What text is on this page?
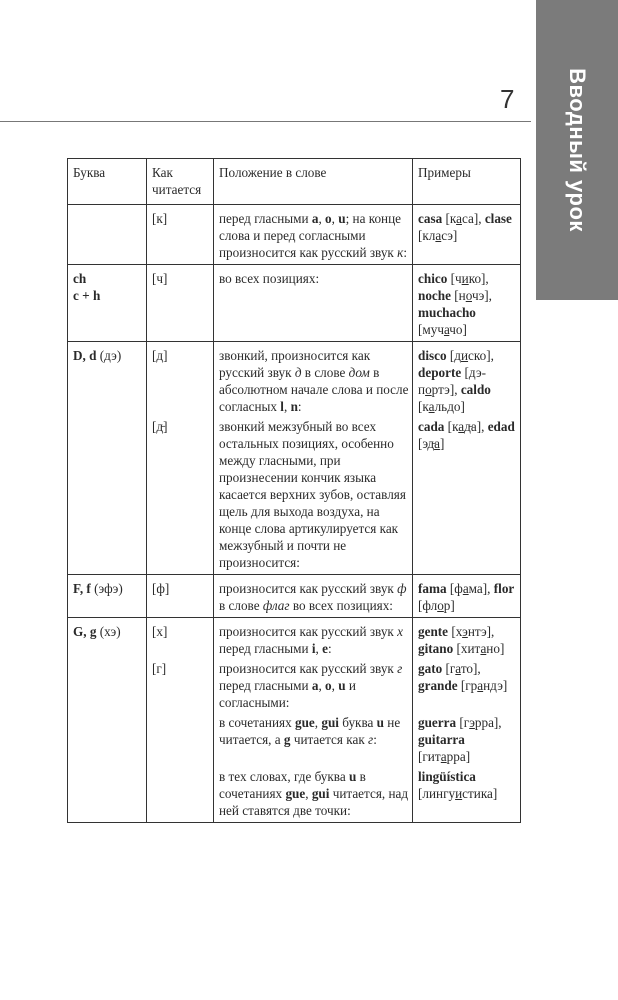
Вводный урок
7
Буква	Как читается	Положение в слове	Примеры
	[к]	перед гласными a, o, u; на конце слова и перед согласными произносится как русский звук к:	casa [каса], clase [класэ]
ch
c + h	[ч]	во всех позициях:	chico [чико], noche [ночэ], muchacho [мучачо]
D, d (дэ)	[д]	звонкий, произносится как русский звук д в слове дом в абсолютном начале слова и после согласных l, n:	disco [диско], deporte [дэ-портэ], caldo [кальдо]
	[д̵]	звонкий межзубный во всех остальных позициях, особенно между гласными, при произнесении кончик языка касается верхних зубов, оставляя щель для выхода воздуха, на конце слова артикулируется как межзубный и почти не произносится:	cada [кад̵а], edad [эд̵а]
F, f (эфэ)	[ф]	произносится как русский звук ф в слове флаг во всех позициях:	fama [фама], flor [флор]
G, g (хэ)	[х]	произносится как русский звук х перед гласными i, e:	gente [хэнтэ], gitano [хитано]
	[г]	произносится как русский звук г перед гласными a, o, u и согласными:	gato [гато], grande [грандэ]
		в сочетаниях gue, gui буква u не читается, а g читается как г:	guerra [гэрра], guitarra [гитарра]
		в тех словах, где буква u в сочетаниях gue, gui читается, над ней ставятся две точки:	lingüística [лингуистика]
